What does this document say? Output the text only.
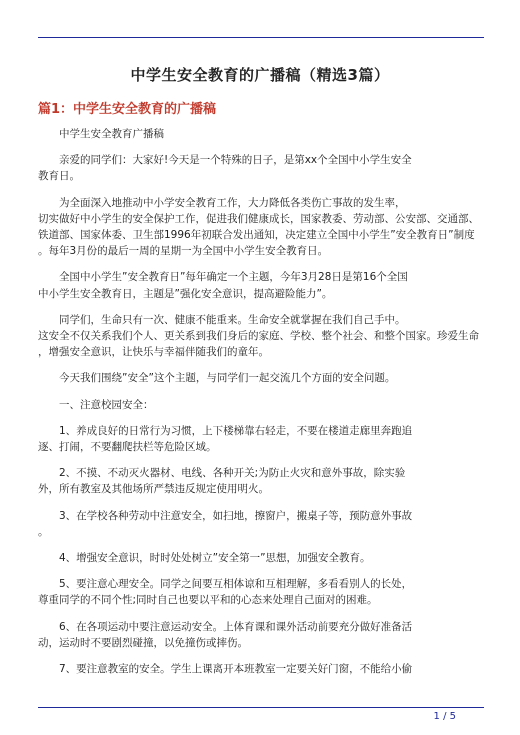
中学生安全教育的广播稿（精选3篇）
篇1：中学生安全教育的广播稿

中学生安全教育广播稿

亲爱的同学们：大家好!今天是一个特殊的日子，是第xx个全国中小学生安全
教育日。

为全面深入地推动中小学安全教育工作，大力降低各类伤亡事故的发生率，
切实做好中小学生的安全保护工作，促进我们健康成长，国家教委、劳动部、公安部、交通部、
铁道部、国家体委、卫生部1996年初联合发出通知，决定建立全国中小学生”安全教育日”制度
。每年3月份的最后一周的星期一为全国中小学生安全教育日。

全国中小学生”安全教育日”每年确定一个主题，今年3月28日是第16个全国
中小学生安全教育日，主题是”强化安全意识，提高避险能力”。

同学们，生命只有一次、健康不能重来。生命安全就掌握在我们自己手中。
这安全不仅关系我们个人、更关系到我们身后的家庭、学校、整个社会、和整个国家。珍爱生命
，增强安全意识，让快乐与幸福伴随我们的童年。

今天我们围绕”安全”这个主题，与同学们一起交流几个方面的安全问题。

一、注意校园安全：

1、养成良好的日常行为习惯，上下楼梯靠右轻走，不要在楼道走廊里奔跑追
逐、打闹，不要翻爬扶栏等危险区域。

2、不摸、不动灭火器材、电线、各种开关;为防止火灾和意外事故，除实验
外，所有教室及其他场所严禁违反规定使用明火。

3、在学校各种劳动中注意安全，如扫地，擦窗户，搬桌子等，预防意外事故
。

4、增强安全意识，时时处处树立”安全第一”思想，加强安全教育。

5、要注意心理安全。同学之间要互相体谅和互相理解，多看看别人的长处，
尊重同学的不同个性;同时自己也要以平和的心态来处理自己面对的困难。

6、在各项运动中要注意运动安全。上体育课和课外活动前要充分做好准备活
动，运动时不要剧烈碰撞，以免撞伤或摔伤。

7、要注意教室的安全。学生上课离开本班教室一定要关好门窗，不能给小偷

1 / 5
